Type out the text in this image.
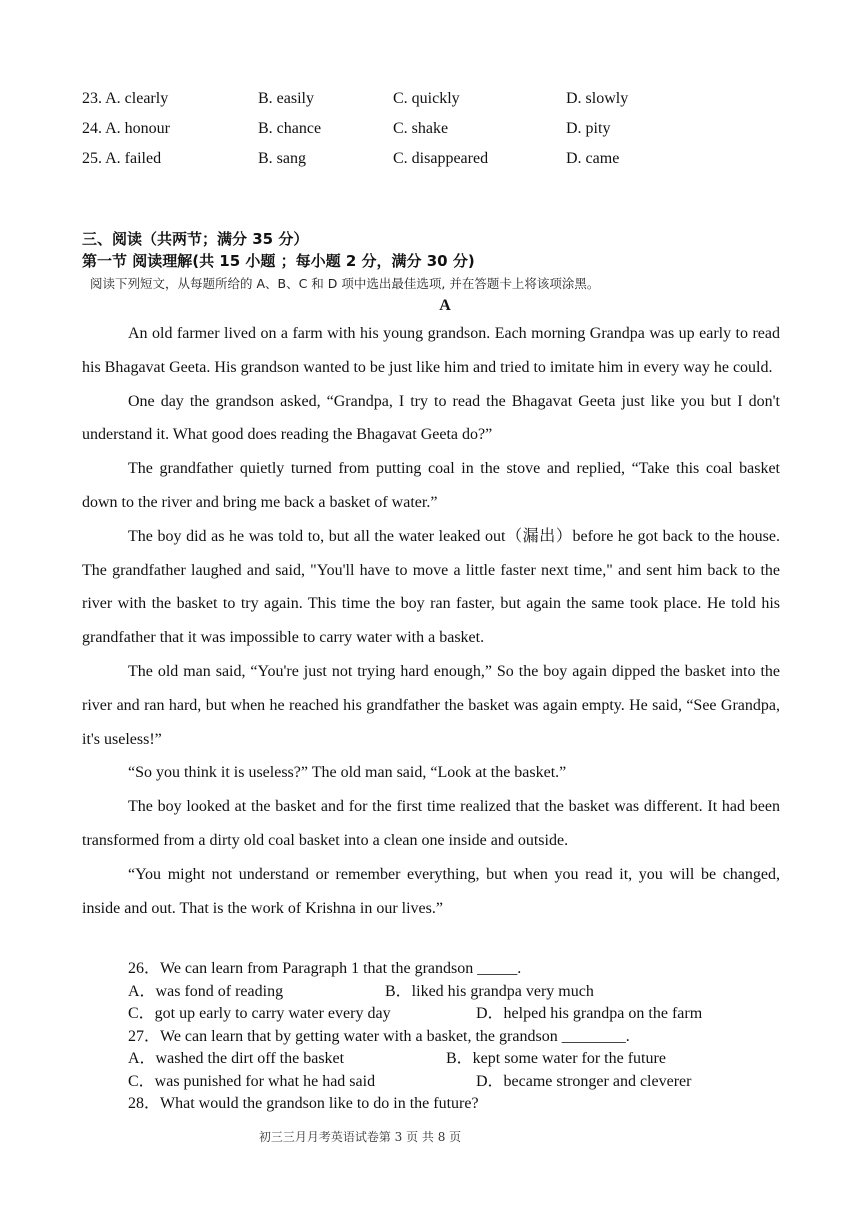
23. A. clearly	B. easily	C. quickly	D. slowly
24. A. honour	B. chance	C. shake	D. pity
25. A. failed	B. sang	C. disappeared	D. came
三、阅读（共两节；满分 35 分）
第一节 阅读理解(共 15 小题 ；每小题 2 分，满分 30 分)
阅读下列短文，从每题所给的 A、B、C 和 D 项中选出最佳选项, 并在答题卡上将该项涂黑。
A

An old farmer lived on a farm with his young grandson. Each morning Grandpa was up early to read his Bhagavat Geeta. His grandson wanted to be just like him and tried to imitate him in every way he could.

One day the grandson asked, “Grandpa, I try to read the Bhagavat Geeta just like you but I don't understand it. What good does reading the Bhagavat Geeta do?”

The grandfather quietly turned from putting coal in the stove and replied, “Take this coal basket down to the river and bring me back a basket of water.”

The boy did as he was told to, but all the water leaked out（漏出）before he got back to the house. The grandfather laughed and said, "You'll have to move a little faster next time," and sent him back to the river with the basket to try again. This time the boy ran faster, but again the same took place. He told his grandfather that it was impossible to carry water with a basket.

The old man said, “You're just not trying hard enough,” So the boy again dipped the basket into the river and ran hard, but when he reached his grandfather the basket was again empty. He said, “See Grandpa, it's useless!”

“So you think it is useless?” The old man said, “Look at the basket.”

The boy looked at the basket and for the first time realized that the basket was different. It had been transformed from a dirty old coal basket into a clean one inside and outside.

“You might not understand or remember everything, but when you read it, you will be changed, inside and out. That is the work of Krishna in our lives.”

26．We can learn from Paragraph 1 that the grandson _____.
A．was fond of reading	B．liked his grandpa very much
C．got up early to carry water every day	D．helped his grandpa on the farm
27．We can learn that by getting water with a basket, the grandson ________.
A．washed the dirt off the basket	B．kept some water for the future
C．was punished for what he had said	D．became stronger and cleverer
28．What would the grandson like to do in the future?
初三三月月考英语试卷第 3 页 共 8 页
